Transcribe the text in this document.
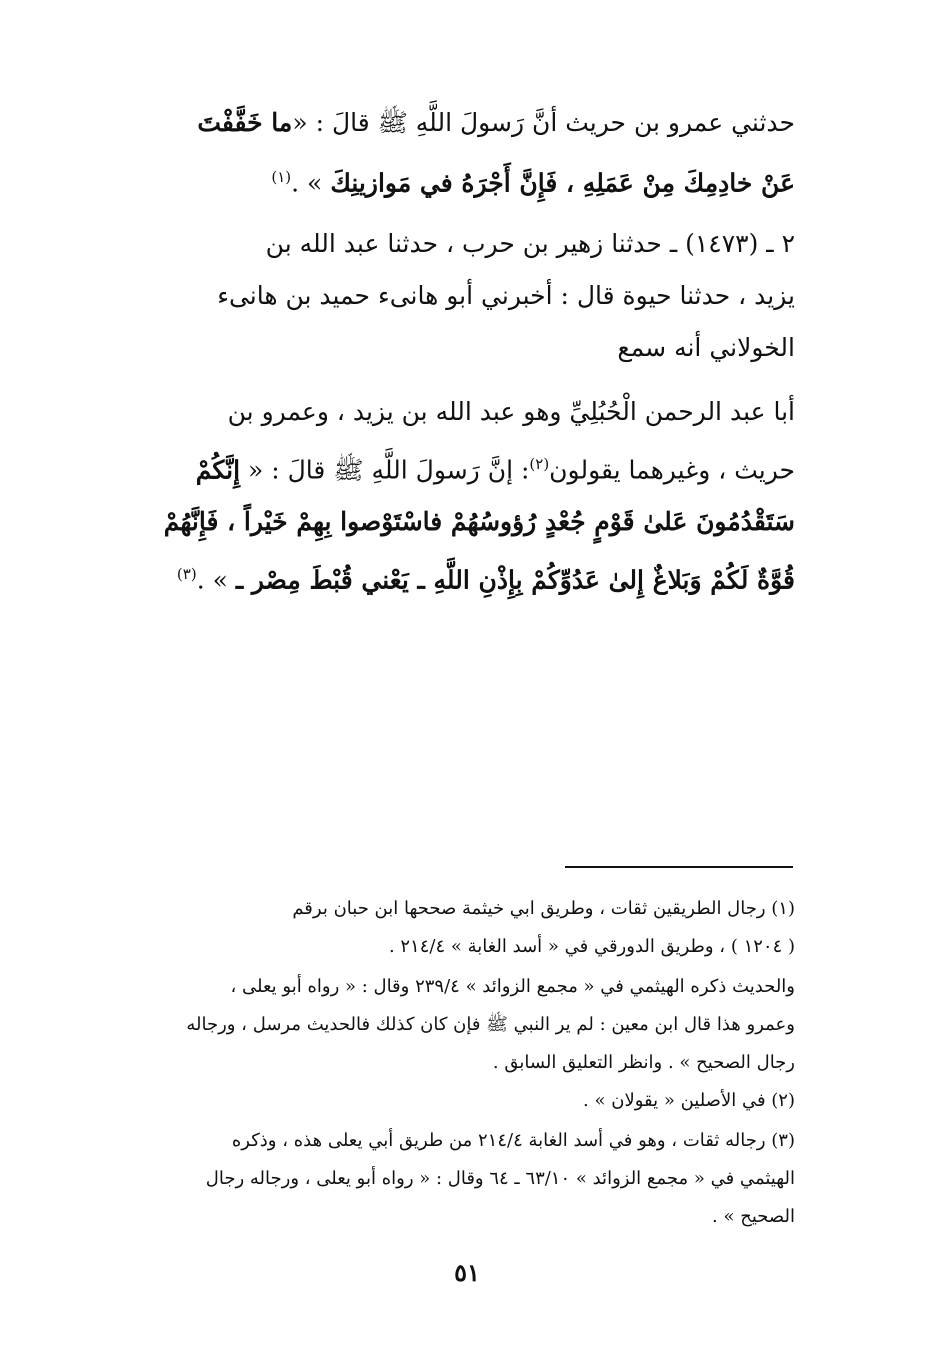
حدثني عمرو بن حريث أنَّ رَسولَ اللَّهِ ﷺ قالَ : «ما خَفَّفْتَ
عَنْ خادِمِكَ مِنْ عَمَلِهِ ، فَإِنَّ أَجْرَهُ في مَوازينِكَ » .$^{(١)}$
٢ ـ (١٤٧٣) ـ حدثنا زهير بن حرب ، حدثنا عبد الله بن
يزيد ، حدثنا حيوة قال : أخبرني أبو هانىء حميد بن هانىء
الخولاني أنه سمع
أبا عبد الرحمن الْحُبُلِيِّ وهو عبد الله بن يزيد ، وعمرو بن
حريث ، وغيرهما يقولون$^{(٢)}$: إنَّ رَسولَ اللَّهِ ﷺ قالَ : « إِنَّكُمْ
سَتَقْدُمُونَ عَلىٰ قَوْمٍ جُعْدٍ رُؤوسُهُمْ فاسْتَوْصوا بِهِمْ خَيْراً ، فَإِنَّهُمْ
قُوَّةٌ لَكُمْ وَبَلاغٌ إِلىٰ عَدُوِّكُمْ بِإِذْنِ اللَّهِ ـ يَعْني قُبْطَ مِصْر ـ » .$^{(٣)}$
(١) رجال الطريقين ثقات ، وطريق ابي خيثمة صححها ابن حبان برقم
( ١٢٠٤ ) ، وطريق الدورقي في « أسد الغابة » ٢١٤/٤ .
والحديث ذكره الهيثمي في « مجمع الزوائد » ٢٣٩/٤ وقال : « رواه أبو يعلى ،
وعمرو هذا قال ابن معين : لم ير النبي ﷺ فإن كان كذلك فالحديث مرسل ، ورجاله
رجال الصحيح » . وانظر التعليق السابق .
(٢) في الأصلين « يقولان » .
(٣) رجاله ثقات ، وهو في أسد الغابة ٢١٤/٤ من طريق أبي يعلى هذه ، وذكره
الهيثمي في « مجمع الزوائد » ٦٣/١٠ ـ ٦٤ وقال : « رواه أبو يعلى ، ورجاله رجال
الصحيح » .
٥١
